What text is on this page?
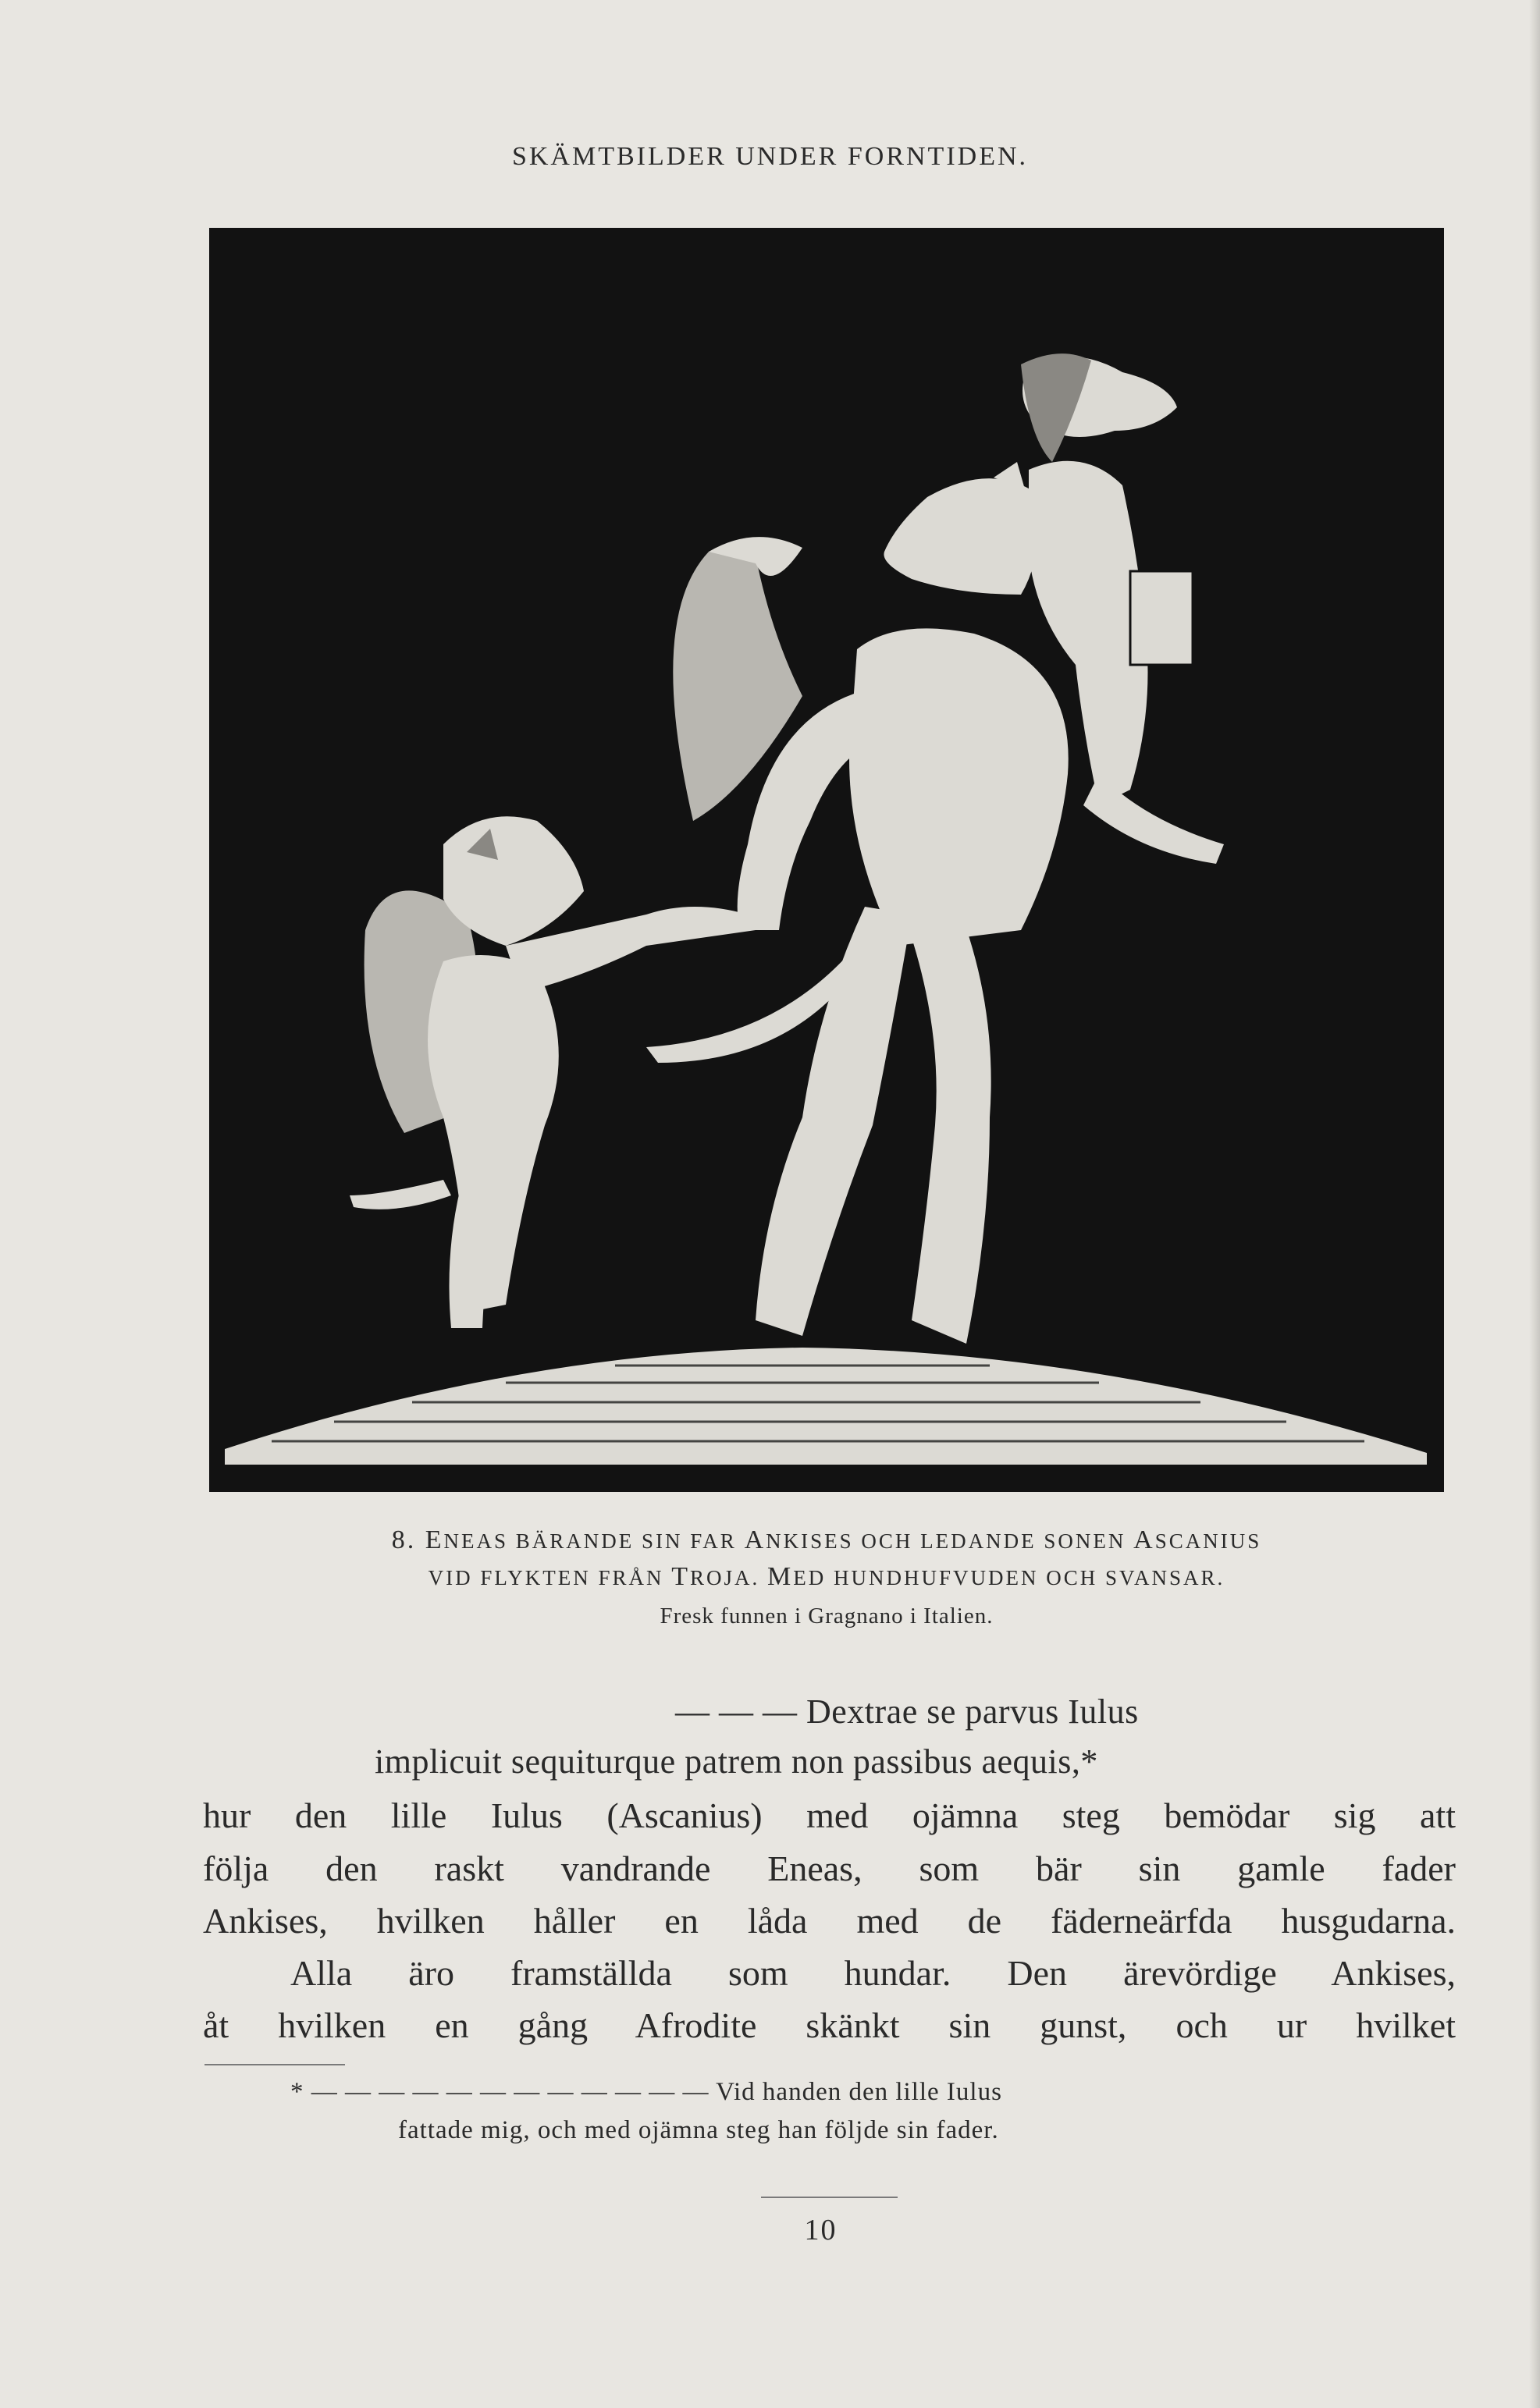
SKÄMTBILDER UNDER FORNTIDEN.
8. ENEAS BÄRANDE SIN FAR ANKISES OCH LEDANDE SONEN ASCANIUS
VID FLYKTEN FRÅN TROJA. MED HUNDHUFVUDEN OCH SVANSAR.
Fresk funnen i Gragnano i Italien.
— — — Dextrae se parvus Iulus
implicuit sequiturque patrem non passibus aequis,*
hur den lille Iulus (Ascanius) med ojämna steg bemödar sig att
följa den raskt vandrande Eneas, som bär sin gamle fader
Ankises, hvilken håller en låda med de fäderneärfda husgudarna.
Alla äro framställda som hundar. Den ärevördige Ankises,
åt hvilken en gång Afrodite skänkt sin gunst, och ur hvilket
* — — — — — — — — — — — — Vid handen den lille Iulus
fattade mig, och med ojämna steg han följde sin fader.
10
